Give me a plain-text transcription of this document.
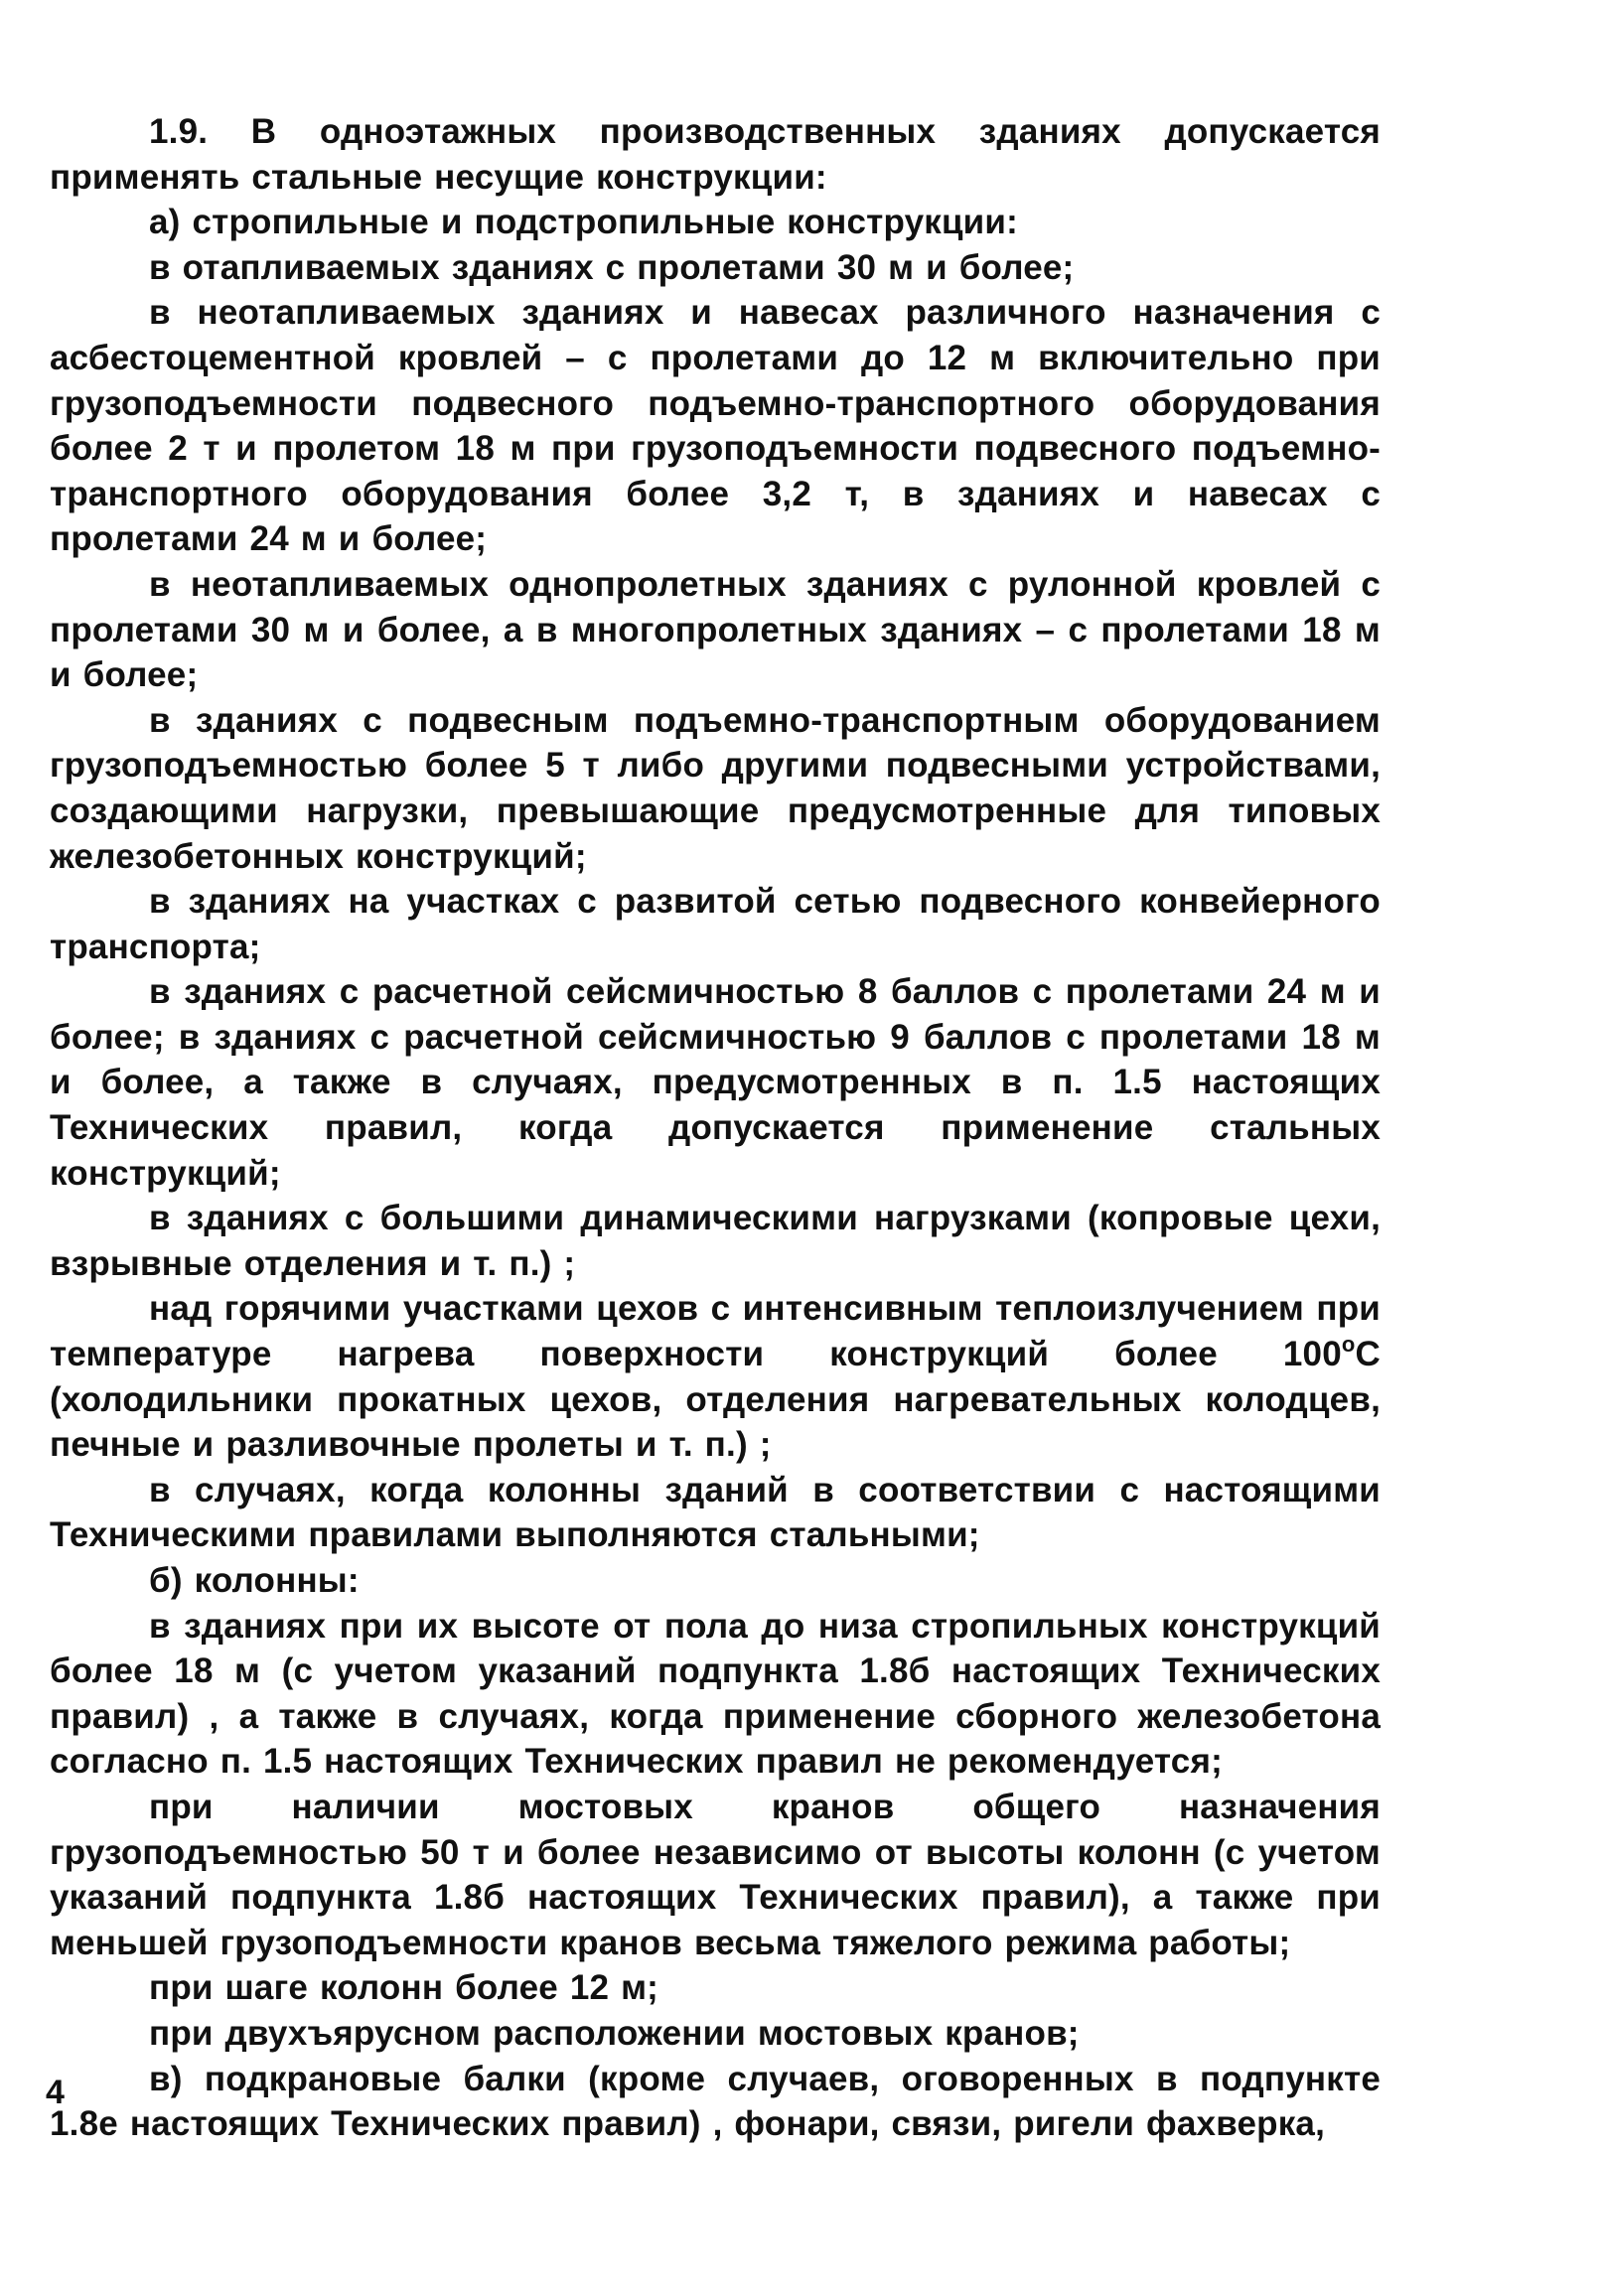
1.9. В одноэтажных производственных зданиях допускается применять стальные несущие конструкции:

а) стропильные и подстропильные конструкции:

в отапливаемых зданиях с пролетами 30 м и более;

в неотапливаемых зданиях и навесах различного назначения с асбестоцементной кровлей – с пролетами до 12 м включительно при грузоподъемности подвесного подъемно-транспортного оборудования более 2 т и пролетом 18 м при грузоподъемности подвесного подъемно-транспортного оборудования более 3,2 т, в зданиях и навесах с пролетами 24 м и более;

в неотапливаемых однопролетных зданиях с рулонной кровлей с пролетами 30 м и более, а в многопролетных зданиях – с пролетами 18 м и более;

в зданиях с подвесным подъемно-транспортным оборудованием грузоподъемностью более 5 т либо другими подвесными устройствами, создающими нагрузки, превышающие предусмотренные для типовых железобетонных конструкций;

в зданиях на участках с развитой сетью подвесного конвейерного транспорта;

в зданиях с расчетной сейсмичностью 8 баллов с пролетами 24 м и более; в зданиях с расчетной сейсмичностью 9 баллов с пролетами 18 м и более, а также в случаях, предусмотренных в п. 1.5 настоящих Технических правил, когда допускается применение стальных конструкций;

в зданиях с большими динамическими нагрузками (копровые цехи, взрывные отделения и т. п.) ;

над горячими участками цехов с интенсивным теплоизлучением при температуре нагрева поверхности конструкций более $100^оС$ (холодильники прокатных цехов, отделения нагревательных колодцев, печные и разливочные пролеты и т. п.) ;

в случаях, когда колонны зданий в соответствии с настоящими Техническими правилами выполняются стальными;

б) колонны:

в зданиях при их высоте от пола до низа стропильных конструкций более 18 м (с учетом указаний подпункта 1.8б настоящих Технических правил) , а также в случаях, когда применение сборного железобетона согласно п. 1.5 настоящих Технических правил не рекомендуется;

при наличии мостовых кранов общего назначения грузоподъемностью 50 т и более независимо от высоты колонн (с учетом указаний подпункта 1.8б настоящих Технических правил), а также при меньшей грузоподъемности кранов весьма тяжелого режима работы;

при шаге колонн более 12 м;

при двухъярусном расположении мостовых кранов;

в) подкрановые балки (кроме случаев, оговоренных в подпункте 1.8е настоящих Технических правил) , фонари, связи, ригели фахверка,

4
